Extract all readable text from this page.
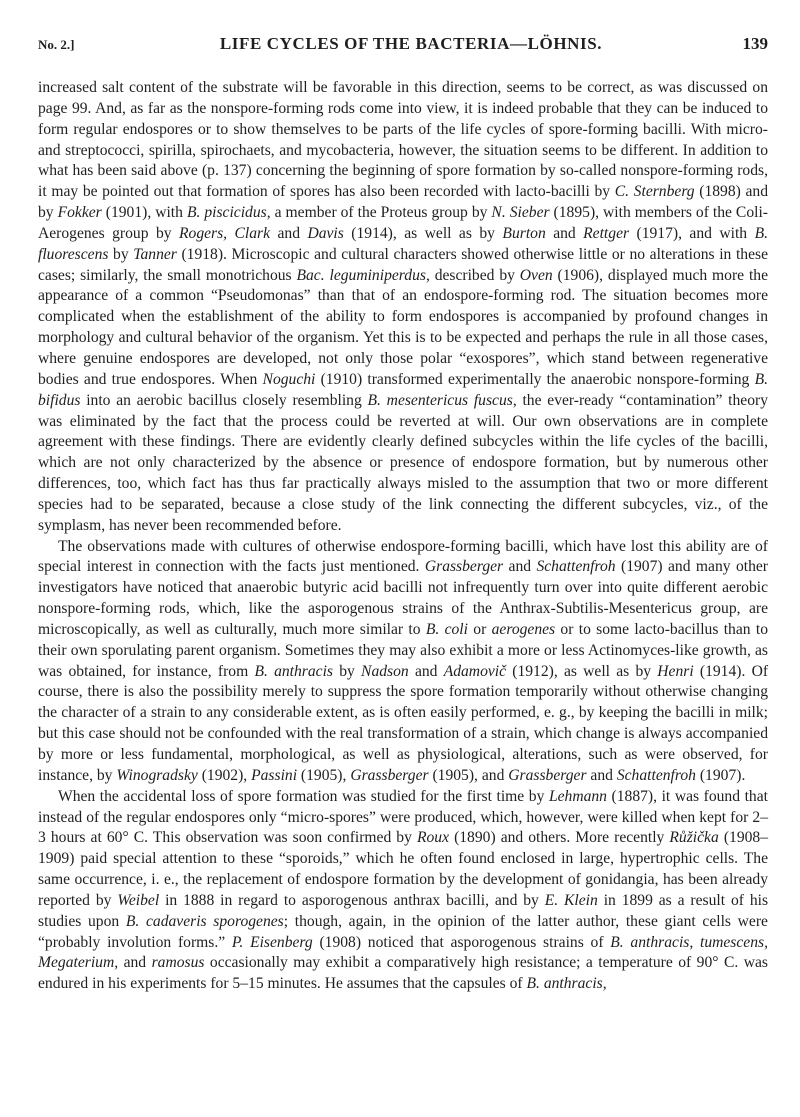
No. 2.]	LIFE CYCLES OF THE BACTERIA—LÖHNIS.	139

increased salt content of the substrate will be favorable in this direction, seems to be correct, as was discussed on page 99. And, as far as the nonspore-forming rods come into view, it is indeed probable that they can be induced to form regular endospores or to show themselves to be parts of the life cycles of spore-forming bacilli. With micro- and streptococci, spirilla, spirochaets, and mycobacteria, however, the situation seems to be different. In addition to what has been said above (p. 137) concerning the beginning of spore formation by so-called nonspore-forming rods, it may be pointed out that formation of spores has also been recorded with lacto-bacilli by C. Sternberg (1898) and by Fokker (1901), with B. piscicidus, a member of the Proteus group by N. Sieber (1895), with members of the Coli-Aerogenes group by Rogers, Clark and Davis (1914), as well as by Burton and Rettger (1917), and with B. fluorescens by Tanner (1918). Microscopic and cultural characters showed otherwise little or no alterations in these cases; similarly, the small monotrichous Bac. leguminiperdus, described by Oven (1906), displayed much more the appearance of a common “Pseudomonas” than that of an endospore-forming rod. The situation becomes more complicated when the establishment of the ability to form endospores is accompanied by profound changes in morphology and cultural behavior of the organism. Yet this is to be expected and perhaps the rule in all those cases, where genuine endospores are developed, not only those polar “exospores”, which stand between regenerative bodies and true endospores. When Noguchi (1910) transformed experimentally the anaerobic nonspore-forming B. bifidus into an aerobic bacillus closely resembling B. mesentericus fuscus, the ever-ready “contamination” theory was eliminated by the fact that the process could be reverted at will. Our own observations are in complete agreement with these findings. There are evidently clearly defined subcycles within the life cycles of the bacilli, which are not only characterized by the absence or presence of endospore formation, but by numerous other differences, too, which fact has thus far practically always misled to the assumption that two or more different species had to be separated, because a close study of the link connecting the different subcycles, viz., of the symplasm, has never been recommended before.

The observations made with cultures of otherwise endospore-forming bacilli, which have lost this ability are of special interest in connection with the facts just mentioned. Grassberger and Schattenfroh (1907) and many other investigators have noticed that anaerobic butyric acid bacilli not infrequently turn over into quite different aerobic nonspore-forming rods, which, like the asporogenous strains of the Anthrax-Subtilis-Mesentericus group, are microscopically, as well as culturally, much more similar to B. coli or aerogenes or to some lacto-bacillus than to their own sporulating parent organism. Sometimes they may also exhibit a more or less Actinomyces-like growth, as was obtained, for instance, from B. anthracis by Nadson and Adamovič (1912), as well as by Henri (1914). Of course, there is also the possibility merely to suppress the spore formation temporarily without otherwise changing the character of a strain to any considerable extent, as is often easily performed, e. g., by keeping the bacilli in milk; but this case should not be confounded with the real transformation of a strain, which change is always accompanied by more or less fundamental, morphological, as well as physiological, alterations, such as were observed, for instance, by Winogradsky (1902), Passini (1905), Grassberger (1905), and Grassberger and Schattenfroh (1907).

When the accidental loss of spore formation was studied for the first time by Lehmann (1887), it was found that instead of the regular endospores only “micro-spores” were produced, which, however, were killed when kept for 2–3 hours at 60° C. This observation was soon confirmed by Roux (1890) and others. More recently Růžička (1908–1909) paid special attention to these “sporoids,” which he often found enclosed in large, hypertrophic cells. The same occurrence, i. e., the replacement of endospore formation by the development of gonidangia, has been already reported by Weibel in 1888 in regard to asporogenous anthrax bacilli, and by E. Klein in 1899 as a result of his studies upon B. cadaveris sporogenes; though, again, in the opinion of the latter author, these giant cells were “probably involution forms.” P. Eisenberg (1908) noticed that asporogenous strains of B. anthracis, tumescens, Megaterium, and ramosus occasionally may exhibit a comparatively high resistance; a temperature of 90° C. was endured in his experiments for 5–15 minutes. He assumes that the capsules of B. anthracis,
